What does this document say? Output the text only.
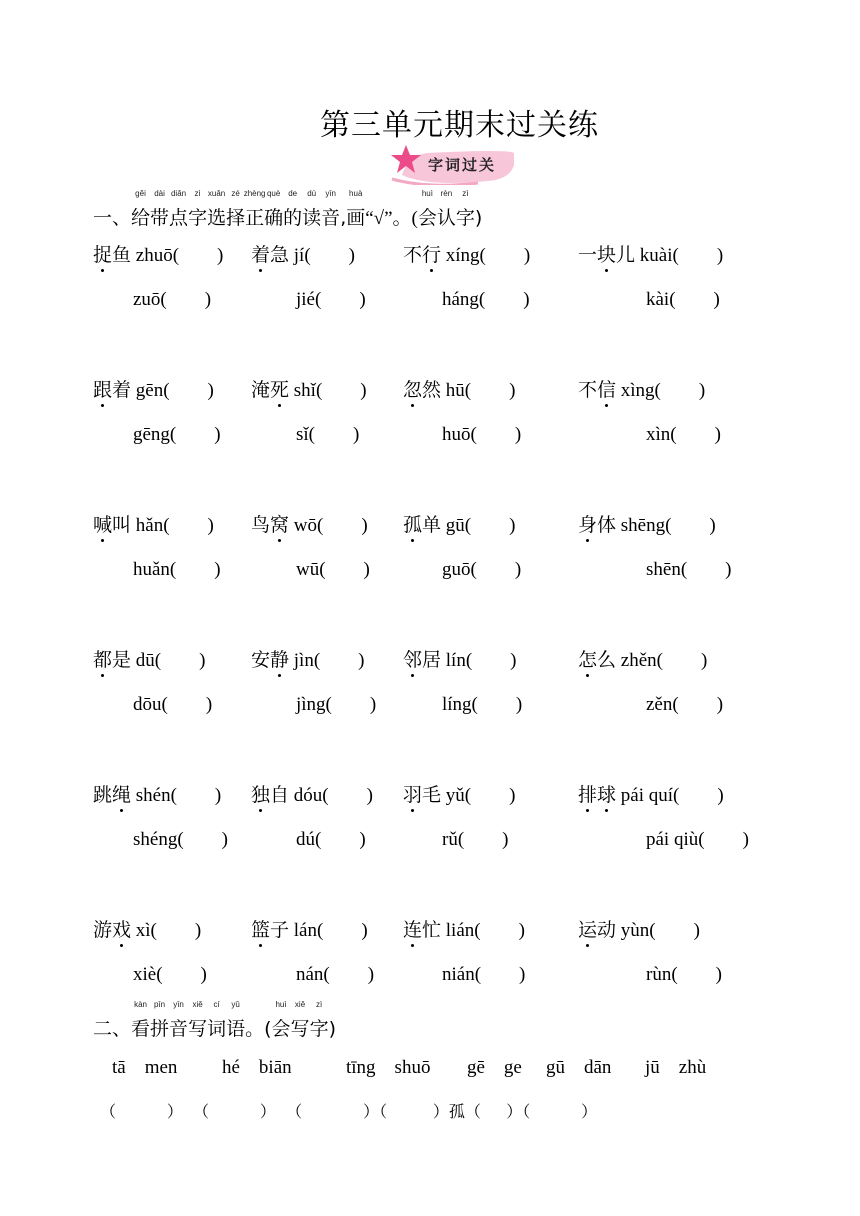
第三单元期末过关练
字词过关
一、给
gěi
带
dài
点
diǎn
字
zì
选
xuǎn
择
zé
正
zhèng
确
què
的
de
读
dú
音
yīn
,画
huà
“√”。(会
huì
认
rèn
字
zì
)
捉鱼 zhuō(        ) 着急 jí(        )	不行 xíng(        )	一块儿 kuài(        )
zuō(        )	jié(        )	háng(        )	kài(        )
跟着 gēn(        ) 淹死 shǐ(        ) 忽然 hū(        )	不信 xìng(        )
gēng(        )	sǐ(        )	huō(        )	xìn(        )
喊叫 hǎn(        ) 鸟窝 wō(        ) 孤单 gū(        )	身体 shēng(        )
huǎn(        )	wū(        )	guō(        )	shēn(        )
都是 dū(        ) 安静 jìn(        ) 邻居 lín(        )	怎么 zhěn(        )
dōu(        )	jìng(        )	líng(        )	zěn(        )
跳绳 shén(        ) 独自 dóu(        ) 羽毛 yǔ(        )	排球 pái quí(        )
shéng(        )	dú(        )	rǔ(        )	pái qiù(        )
游戏 xì(        )	篮子 lán(        ) 连忙 lián(        )	运动 yùn(        )
xiè(        )	nán(        )	nián(        )	rùn(        )
二、看
kàn
拼
pīn
音
yīn
写
xiě
词
cí
语
yǔ
。(会
huì
写
xiě
字
zì
)
tā    men hé    biān	tīng    shuō gē    ge gū    dān jū    zhù
（          ）  （          ）  （            ）（         ）孤（     ）（          ）
